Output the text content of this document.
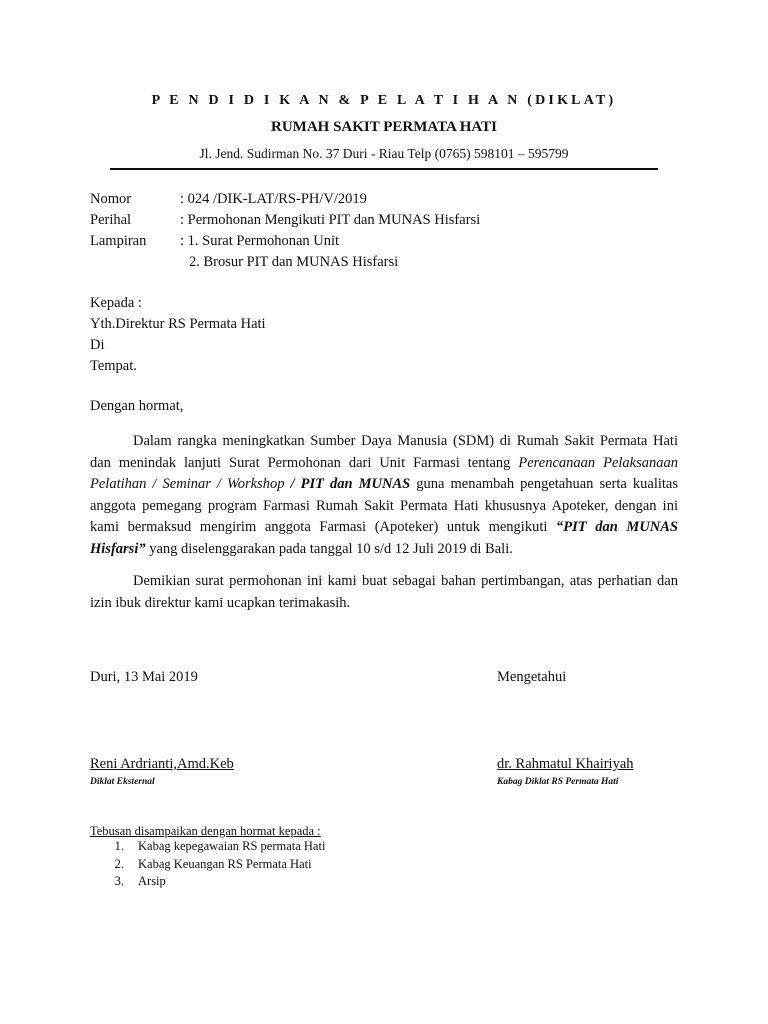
P E N D I D I K A N & P E L A T I H A N (DIKLAT)
RUMAH SAKIT PERMATA HATI
Jl. Jend. Sudirman No. 37 Duri - Riau Telp (0765) 598101 – 595799
Nomor	: 024 /DIK-LAT/RS-PH/V/2019
Perihal	: Permohonan Mengikuti PIT dan MUNAS Hisfarsi
Lampiran : 1. Surat Permohonan Unit
2. Brosur PIT dan MUNAS Hisfarsi
Kepada :
Yth.Direktur RS Permata Hati
Di
Tempat.
Dengan hormat,
Dalam rangka meningkatkan Sumber Daya Manusia (SDM) di Rumah Sakit Permata Hati dan menindak lanjuti Surat Permohonan dari Unit Farmasi tentang Perencanaan Pelaksanaan Pelatihan / Seminar / Workshop / PIT dan MUNAS guna menambah pengetahuan serta kualitas anggota pemegang program Farmasi Rumah Sakit Permata Hati khususnya Apoteker, dengan ini kami bermaksud mengirim anggota Farmasi (Apoteker) untuk mengikuti “PIT dan MUNAS Hisfarsi” yang diselenggarakan pada tanggal 10 s/d 12 Juli 2019 di Bali.
Demikian surat permohonan ini kami buat sebagai bahan pertimbangan, atas perhatian dan izin ibuk direktur kami ucapkan terimakasih.
Duri, 13 Mai 2019	Mengetahui
Reni Ardrianti,Amd.Keb
Diklat Eksternal
dr. Rahmatul Khairiyah
Kabag Diklat RS Permata Hati
Tebusan disampaikan dengan hormat kepada :
1. Kabag kepegawaian RS permata Hati
2. Kabag Keuangan RS Permata Hati
3. Arsip
